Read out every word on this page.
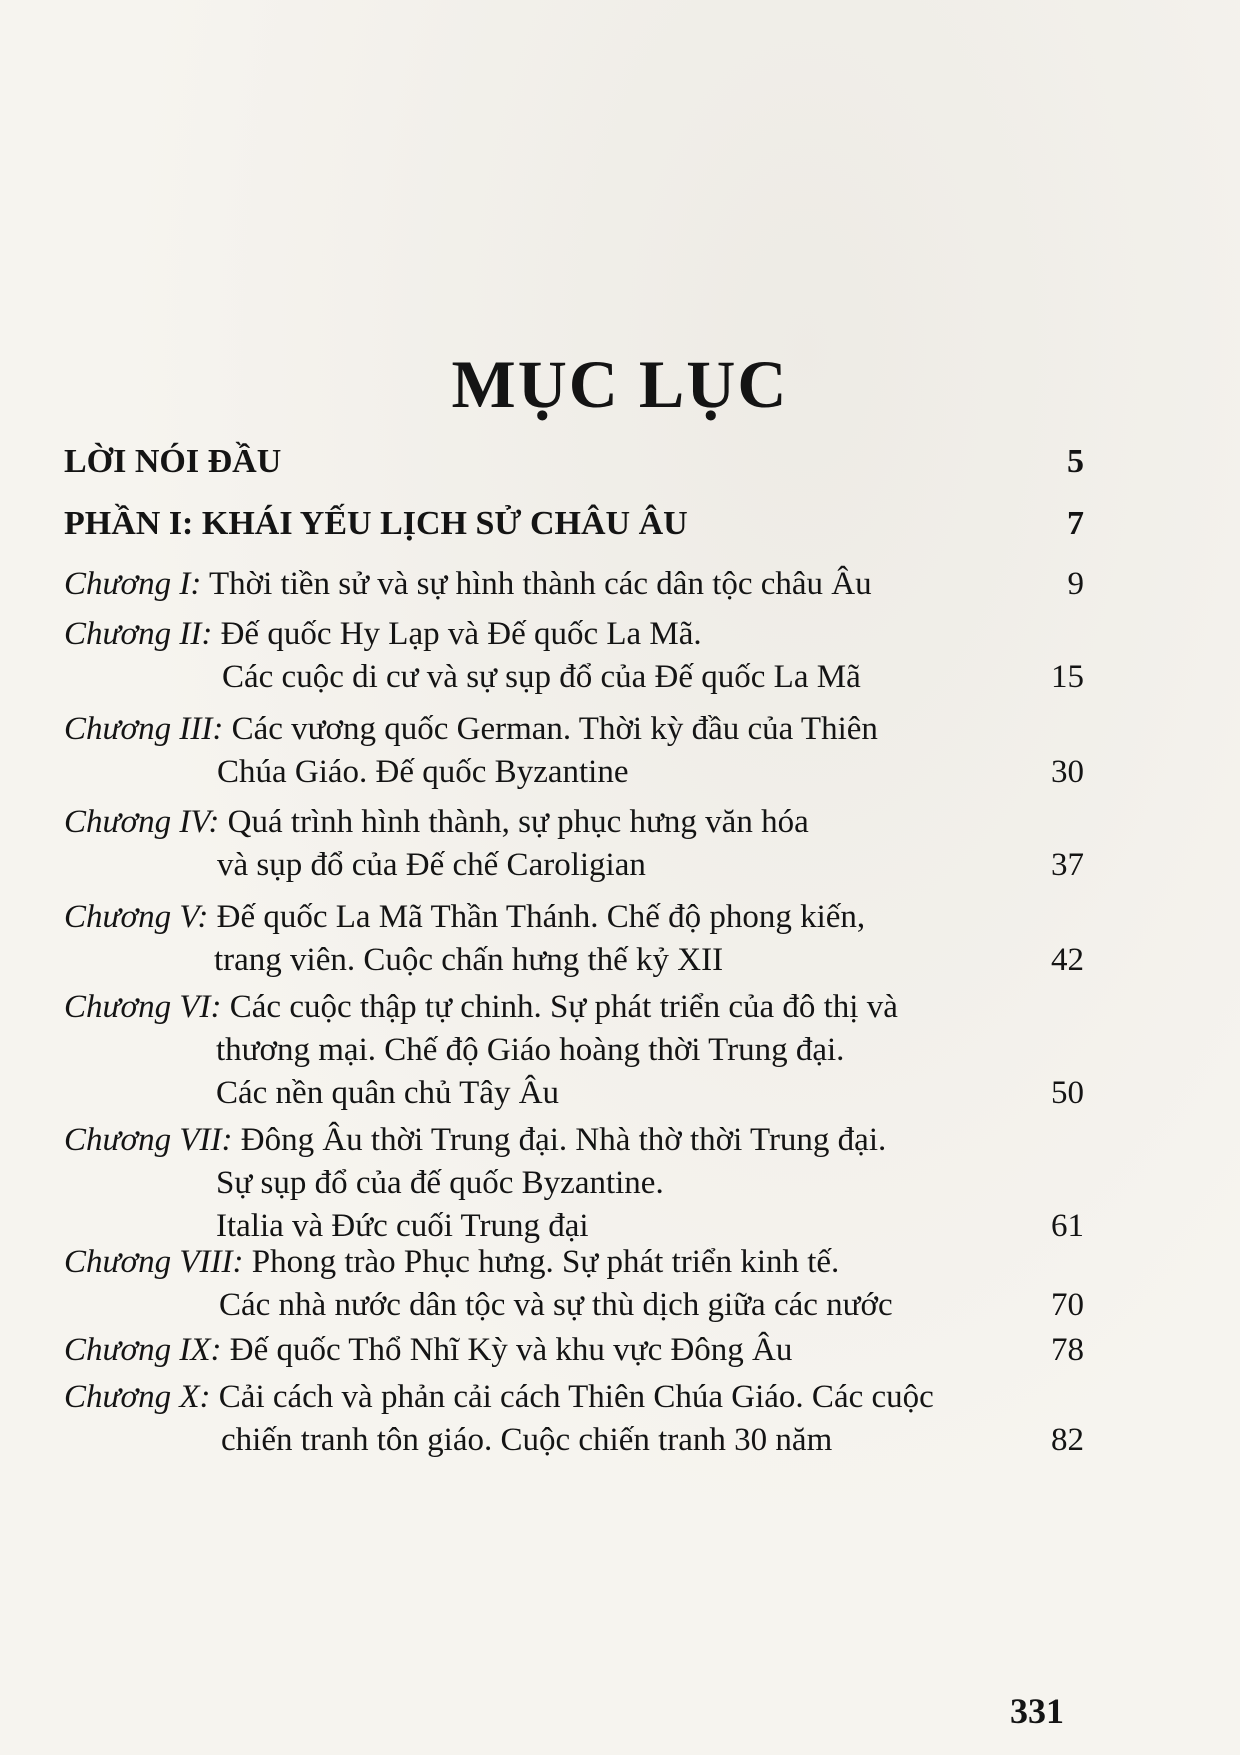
MỤC LỤC
LỜI NÓI ĐẦU	5
PHẦN I: KHÁI YẾU LỊCH SỬ CHÂU ÂU	7
Chương I: Thời tiền sử và sự hình thành các dân tộc châu Âu	9
Chương II: Đế quốc Hy Lạp và Đế quốc La Mã.
Các cuộc di cư và sự sụp đổ của Đế quốc La Mã	15
Chương III: Các vương quốc German. Thời kỳ đầu của Thiên
Chúa Giáo. Đế quốc Byzantine	30
Chương IV: Quá trình hình thành, sự phục hưng văn hóa
và sụp đổ của Đế chế Caroligian	37
Chương V: Đế quốc La Mã Thần Thánh. Chế độ phong kiến,
trang viên. Cuộc chấn hưng thế kỷ XII	42
Chương VI: Các cuộc thập tự chinh. Sự phát triển của đô thị và
thương mại. Chế độ Giáo hoàng thời Trung đại.
Các nền quân chủ Tây Âu	50
Chương VII: Đông Âu thời Trung đại. Nhà thờ thời Trung đại.
Sự sụp đổ của đế quốc Byzantine.
Italia và Đức cuối Trung đại	61
Chương VIII: Phong trào Phục hưng. Sự phát triển kinh tế.
Các nhà nước dân tộc và sự thù dịch giữa các nước	70
Chương IX: Đế quốc Thổ Nhĩ Kỳ và khu vực Đông Âu	78
Chương X: Cải cách và phản cải cách Thiên Chúa Giáo. Các cuộc
chiến tranh tôn giáo. Cuộc chiến tranh 30 năm	82
331
